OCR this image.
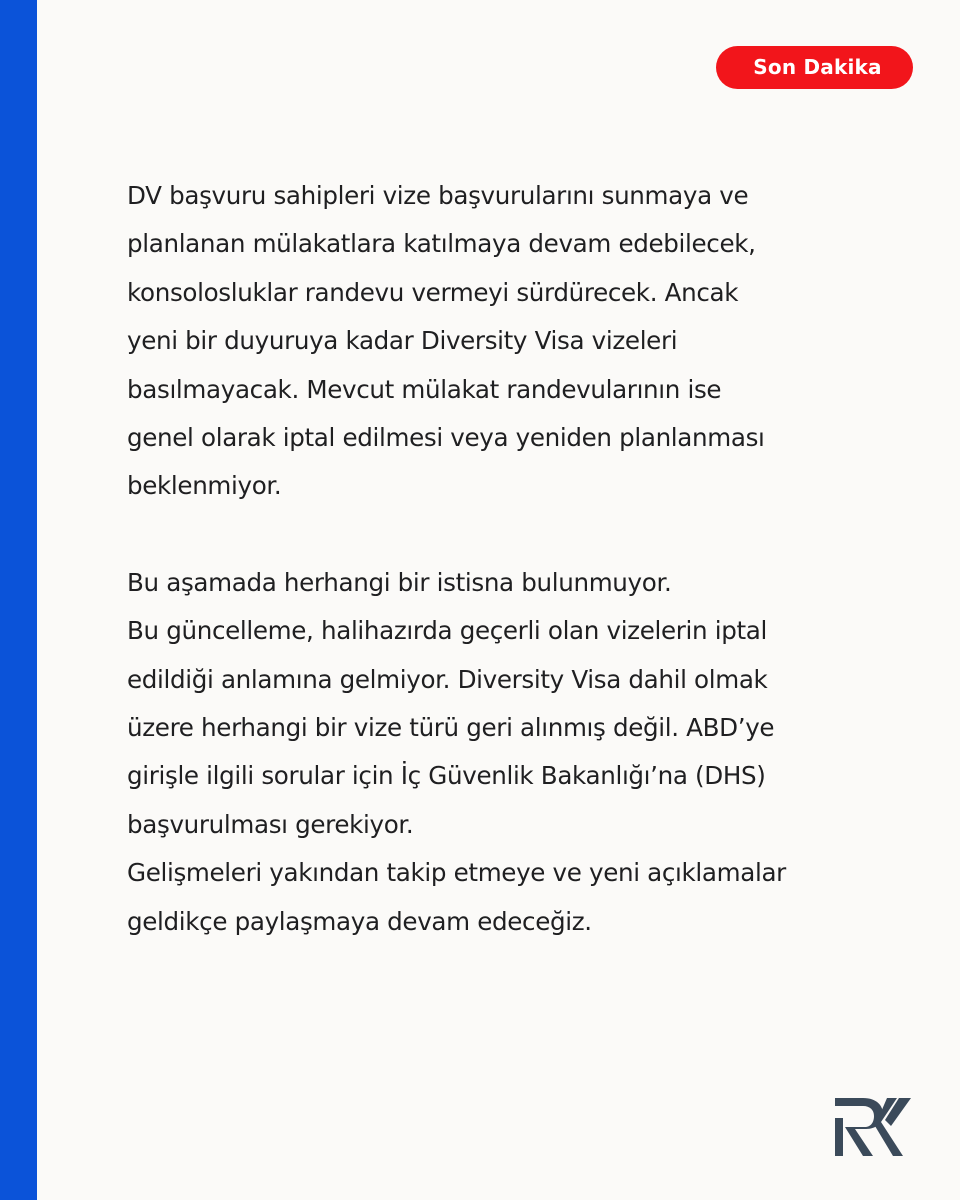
Son Dakika

DV başvuru sahipleri vize başvurularını sunmaya ve
planlanan mülakatlara katılmaya devam edebilecek,
konsolosluklar randevu vermeyi sürdürecek. Ancak
yeni bir duyuruya kadar Diversity Visa vizeleri
basılmayacak. Mevcut mülakat randevularının ise
genel olarak iptal edilmesi veya yeniden planlanması
beklenmiyor.

Bu aşamada herhangi bir istisna bulunmuyor.
Bu güncelleme, halihazırda geçerli olan vizelerin iptal
edildiği anlamına gelmiyor. Diversity Visa dahil olmak
üzere herhangi bir vize türü geri alınmış değil. ABD’ye
girişle ilgili sorular için İç Güvenlik Bakanlığı’na (DHS)
başvurulması gerekiyor.
Gelişmeleri yakından takip etmeye ve yeni açıklamalar
geldikçe paylaşmaya devam edeceğiz.
